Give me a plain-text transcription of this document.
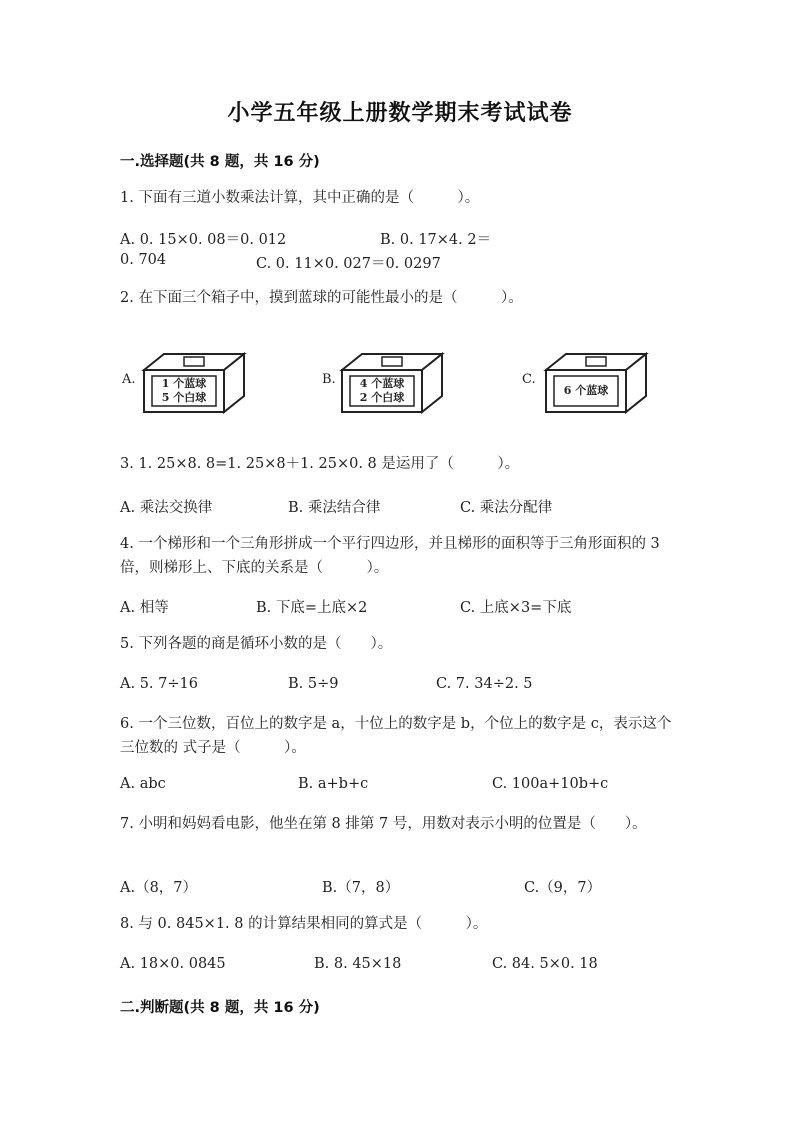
小学五年级上册数学期末考试试卷
一.选择题(共 8 题，共 16 分)
1. 下面有三道小数乘法计算，其中正确的是（　　　）。
A. 0. 15×0. 08＝0. 012	B. 0. 17×4. 2＝
0. 704	C. 0. 11×0. 027＝0. 0297
2. 在下面三个箱子中，摸到蓝球的可能性最小的是（　　　）。
A.	1 个蓝球
5 个白球
B.	4 个蓝球
2 个白球
C.
6 个蓝球
3. 1. 25×8. 8=1. 25×8＋1. 25×0. 8 是运用了（　　　）。
A. 乘法交换律	B. 乘法结合律	C. 乘法分配律
4. 一个梯形和一个三角形拼成一个平行四边形，并且梯形的面积等于三角形面积的 3 倍，则梯形上、下底的关系是（　　　）。
A. 相等	B. 下底=上底×2	C. 上底×3=下底
5. 下列各题的商是循环小数的是（　　）。
A. 5. 7÷16	B. 5÷9	C. 7. 34÷2. 5
6. 一个三位数，百位上的数字是 a，十位上的数字是 b，个位上的数字是 c，表示这个三位数的 式子是（　　　）。
A. abc	B. a+b+c	C. 100a+10b+c
7. 小明和妈妈看电影，他坐在第 8 排第 7 号，用数对表示小明的位置是（　　）。
A.（8，7）	B.（7，8）	C.（9，7）
8. 与 0. 845×1. 8 的计算结果相同的算式是（　　　）。
A. 18×0. 0845	B. 8. 45×18	C. 84. 5×0. 18
二.判断题(共 8 题，共 16 分)
